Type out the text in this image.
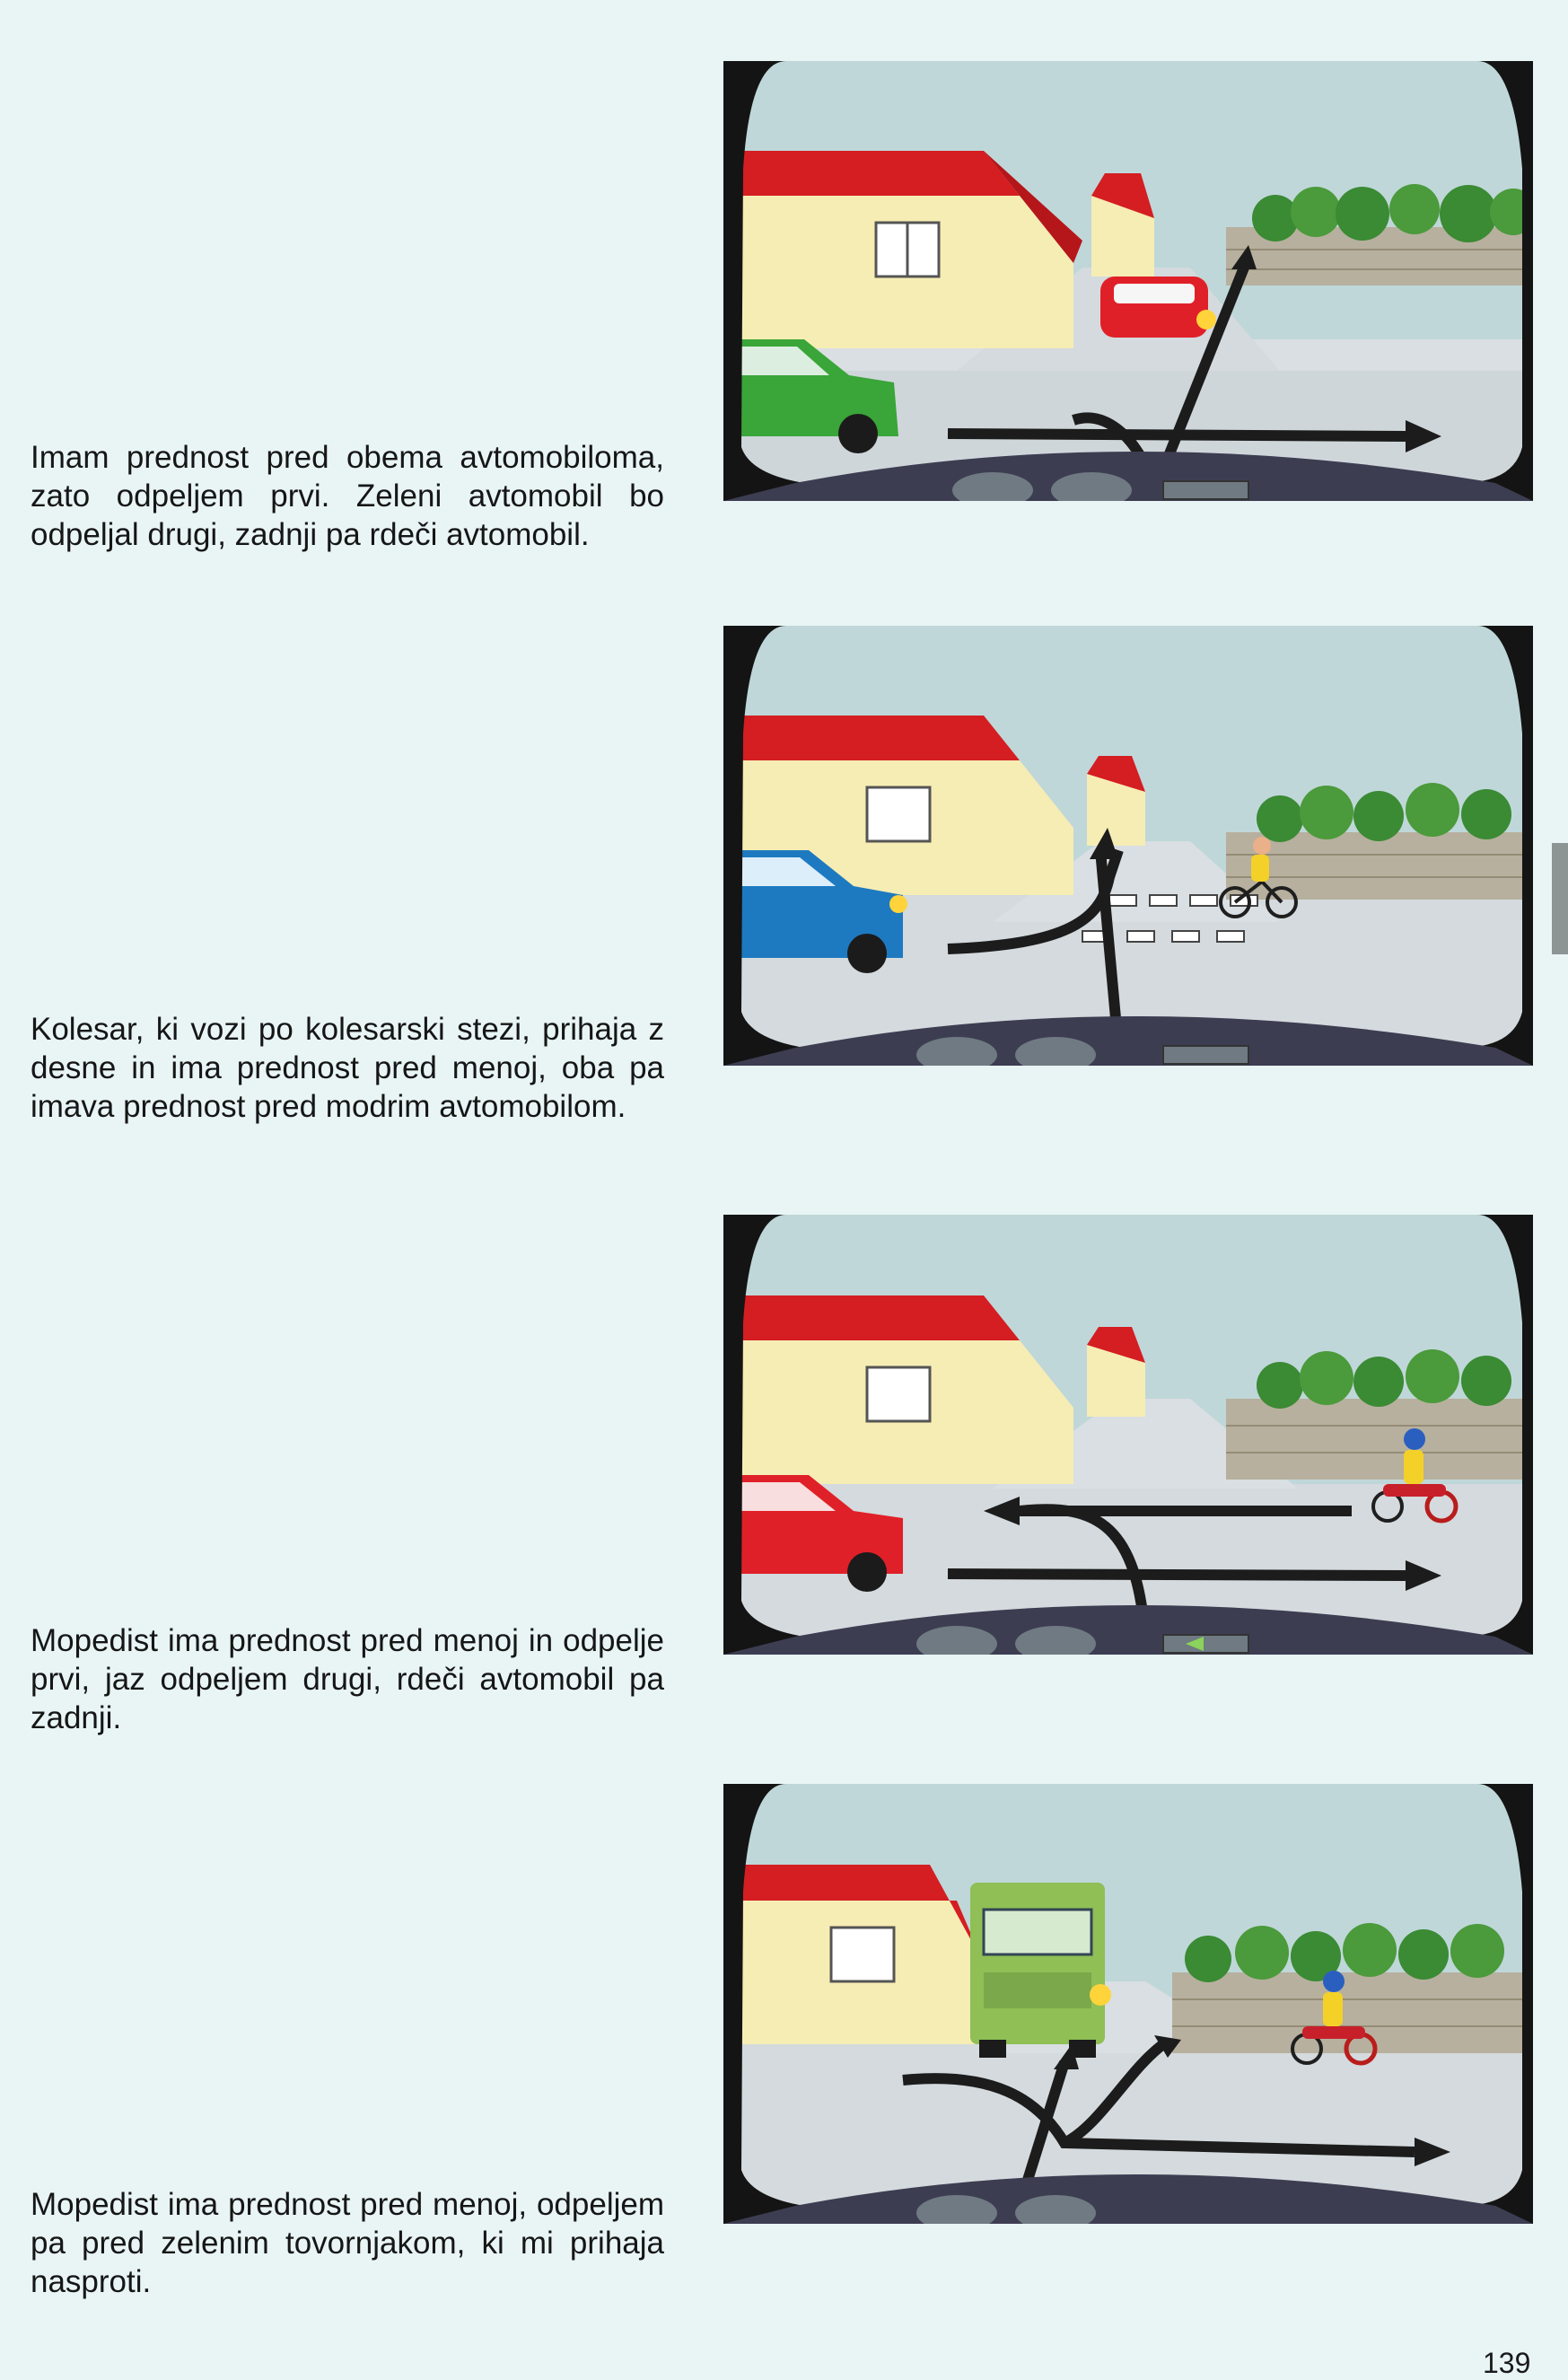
Imam prednost pred obema avtomobiloma, zato odpeljem prvi. Zeleni avtomobil bo odpeljal drugi, zadnji pa rdeči avtomobil.

Kolesar, ki vozi po kolesarski stezi, prihaja z desne in ima prednost pred menoj, oba pa imava prednost pred modrim avtomobilom.

Mopedist ima prednost pred menoj in odpelje prvi, jaz odpeljem drugi, rdeči avtomobil pa zadnji.

Mopedist ima prednost pred menoj, odpeljem pa pred zelenim tovornjakom, ki mi prihaja nasproti.

139
